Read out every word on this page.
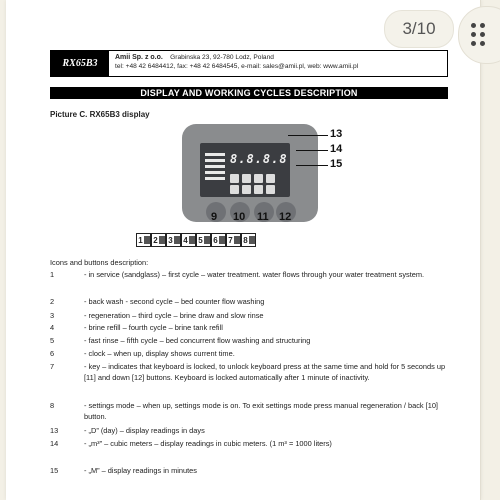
RX65B3
Amii Sp. z o.o. Grabinska 23, 92-780 Lodz, Poland
tel: +48 42 6484412, fax: +48 42 6484545, e-mail: sales@amii.pl, web: www.amii.pl
DISPLAY AND WORKING CYCLES DESCRIPTION
Picture C. RX65B3 display
8.8.8.8
9 10 11 12
13
14
15
1 2 3 4 5 6 7 8
Icons and buttons description:
1	- in service (sandglass) – first cycle – water treatment. water flows through your water treatment system.
2	- back wash - second cycle – bed counter flow washing
3	- regeneration – third cycle – brine draw and slow rinse
4	- brine refill – fourth cycle – brine tank refill
5	- fast rinse – fifth cycle – bed concurrent flow washing and structuring
6	- clock – when up, display shows current time.
7	- key – indicates that keyboard is locked, to unlock keyboard press at the same time and hold for 5 seconds up [11] and down [12] buttons. Keyboard is locked automatically after 1 minute of inactivity.
8	- settings mode – when up, settings mode is on. To exit settings mode press manual regeneration / back [10] button.
13	- „D” (day) – display readings in days
14	- „m³” – cubic meters – display readings in cubic meters. (1 m³ = 1000 liters)
15	- „M” – display readings in minutes
3/10
